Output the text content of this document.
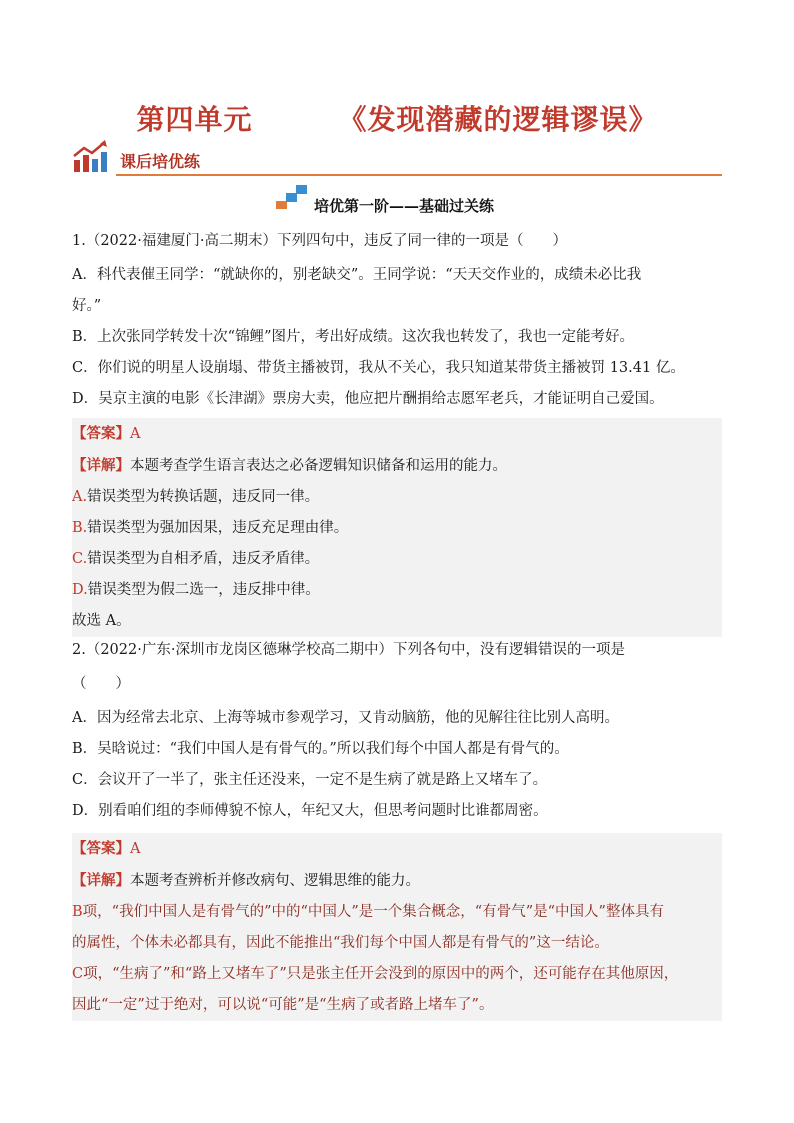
第四单元        《发现潜藏的逻辑谬误》
课后培优练
培优第一阶——基础过关练

1.（2022·福建厦门·高二期末）下列四句中，违反了同一律的一项是（　　）

A．科代表催王同学：“就缺你的，别老缺交”。王同学说：“天天交作业的，成绩未必比我

好。”

B．上次张同学转发十次“锦鲤”图片，考出好成绩。这次我也转发了，我也一定能考好。

C．你们说的明星人设崩塌、带货主播被罚，我从不关心，我只知道某带货主播被罚 13.41 亿。

D．吴京主演的电影《长津湖》票房大卖，他应把片酬捐给志愿军老兵，才能证明自己爱国。

【答案】A

【详解】本题考查学生语言表达之必备逻辑知识储备和运用的能力。

A.错误类型为转换话题，违反同一律。

B.错误类型为强加因果，违反充足理由律。

C.错误类型为自相矛盾，违反矛盾律。

D.错误类型为假二选一，违反排中律。

故选 A。

2.（2022·广东·深圳市龙岗区德琳学校高二期中）下列各句中，没有逻辑错误的一项是

（　　）

A．因为经常去北京、上海等城市参观学习，又肯动脑筋，他的见解往往比别人高明。

B．吴晗说过：“我们中国人是有骨气的。”所以我们每个中国人都是有骨气的。

C．会议开了一半了，张主任还没来，一定不是生病了就是路上又堵车了。

D．别看咱们组的李师傅貌不惊人，年纪又大，但思考问题时比谁都周密。

【答案】A

【详解】本题考查辨析并修改病句、逻辑思维的能力。

B项，“我们中国人是有骨气的”中的“中国人”是一个集合概念，“有骨气”是“中国人”整体具有

的属性，个体未必都具有，因此不能推出“我们每个中国人都是有骨气的”这一结论。

C项，“生病了”和“路上又堵车了”只是张主任开会没到的原因中的两个，还可能存在其他原因，

因此“一定”过于绝对，可以说“可能”是“生病了或者路上堵车了”。
